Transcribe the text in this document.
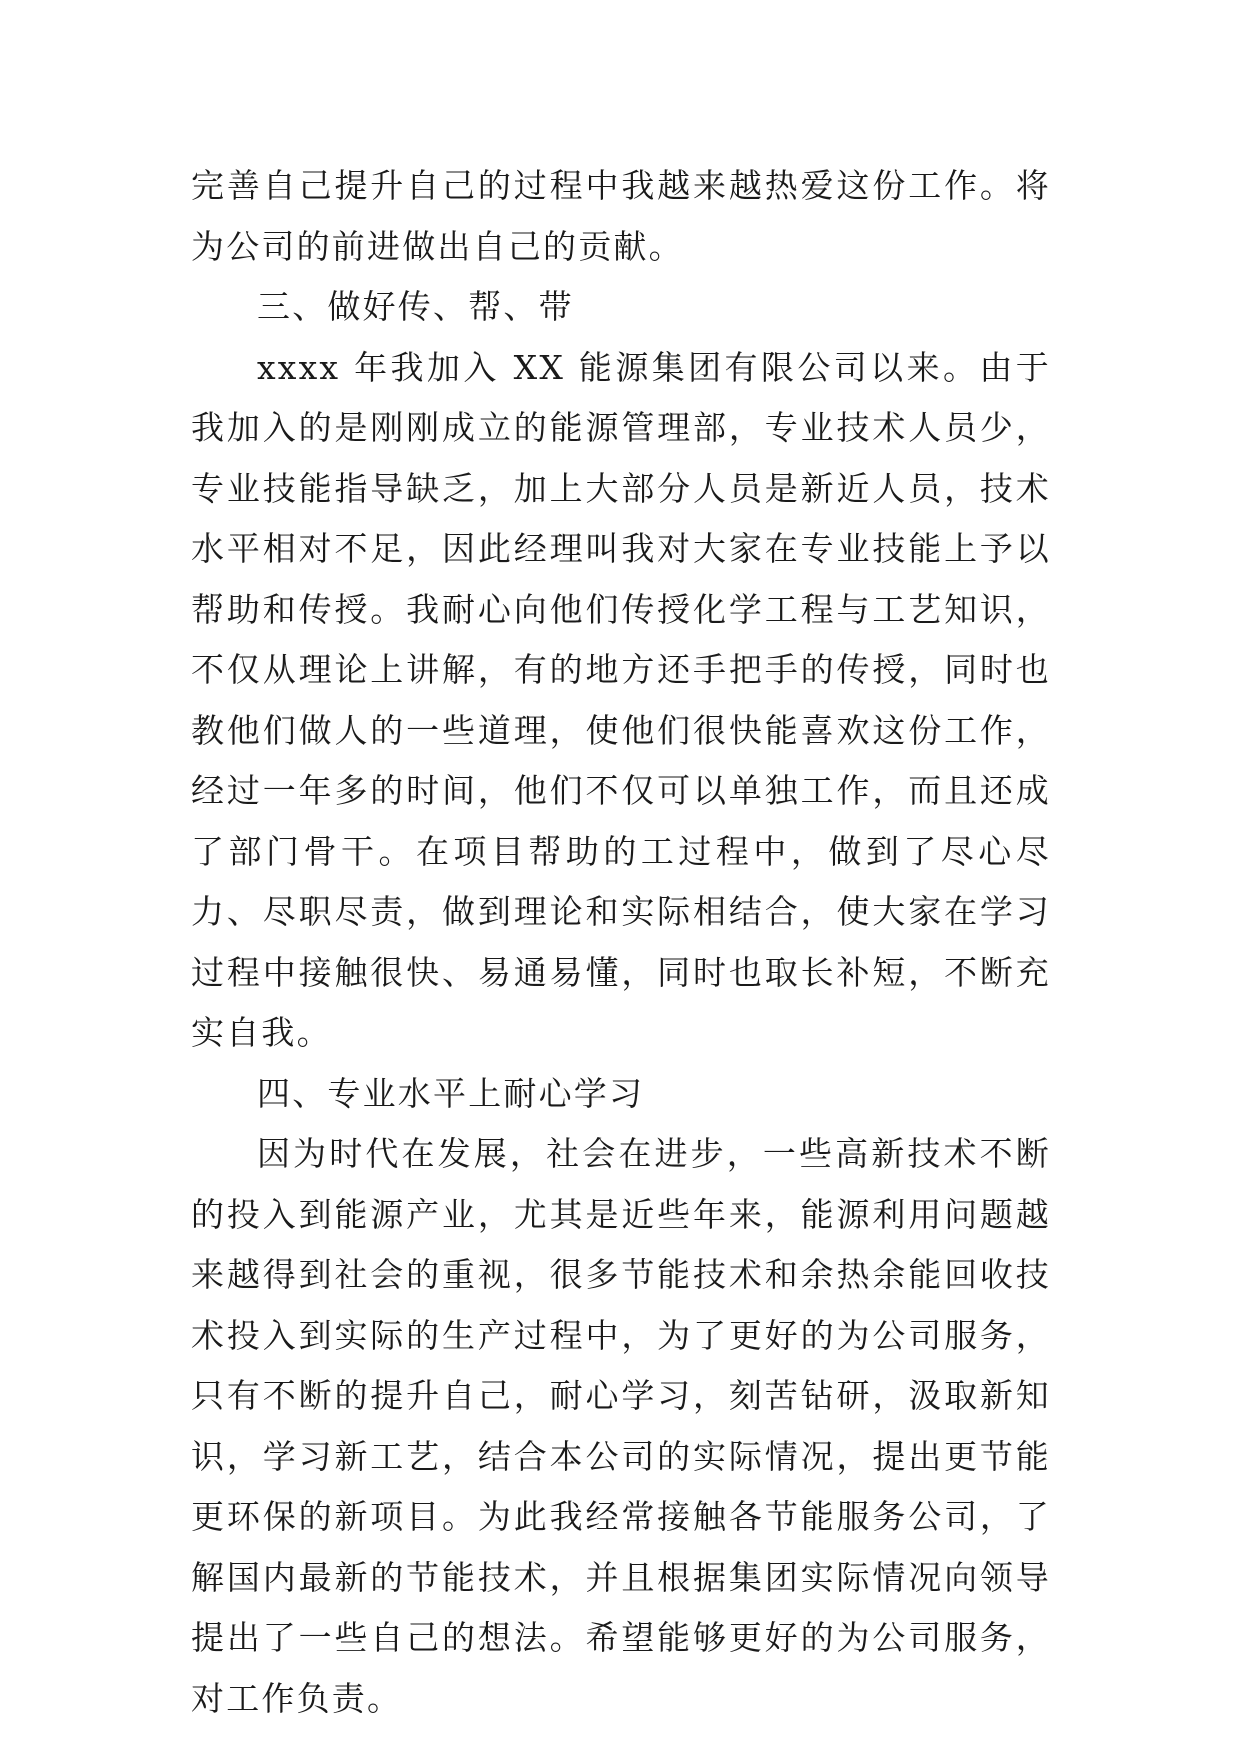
完善自己提升自己的过程中我越来越热爱这份工作。将为公司的前进做出自己的贡献。

三、做好传、帮、带

xxxx 年我加入 XX 能源集团有限公司以来。由于我加入的是刚刚成立的能源管理部，专业技术人员少，专业技能指导缺乏，加上大部分人员是新近人员，技术水平相对不足，因此经理叫我对大家在专业技能上予以帮助和传授。我耐心向他们传授化学工程与工艺知识，不仅从理论上讲解，有的地方还手把手的传授，同时也教他们做人的一些道理，使他们很快能喜欢这份工作，经过一年多的时间，他们不仅可以单独工作，而且还成了部门骨干。在项目帮助的工过程中，做到了尽心尽力、尽职尽责，做到理论和实际相结合，使大家在学习过程中接触很快、易通易懂，同时也取长补短，不断充实自我。

四、专业水平上耐心学习

因为时代在发展，社会在进步，一些高新技术不断的投入到能源产业，尤其是近些年来，能源利用问题越来越得到社会的重视，很多节能技术和余热余能回收技术投入到实际的生产过程中，为了更好的为公司服务，只有不断的提升自己，耐心学习，刻苦钻研，汲取新知识，学习新工艺，结合本公司的实际情况，提出更节能更环保的新项目。为此我经常接触各节能服务公司，了解国内最新的节能技术，并且根据集团实际情况向领导提出了一些自己的想法。希望能够更好的为公司服务，对工作负责。
